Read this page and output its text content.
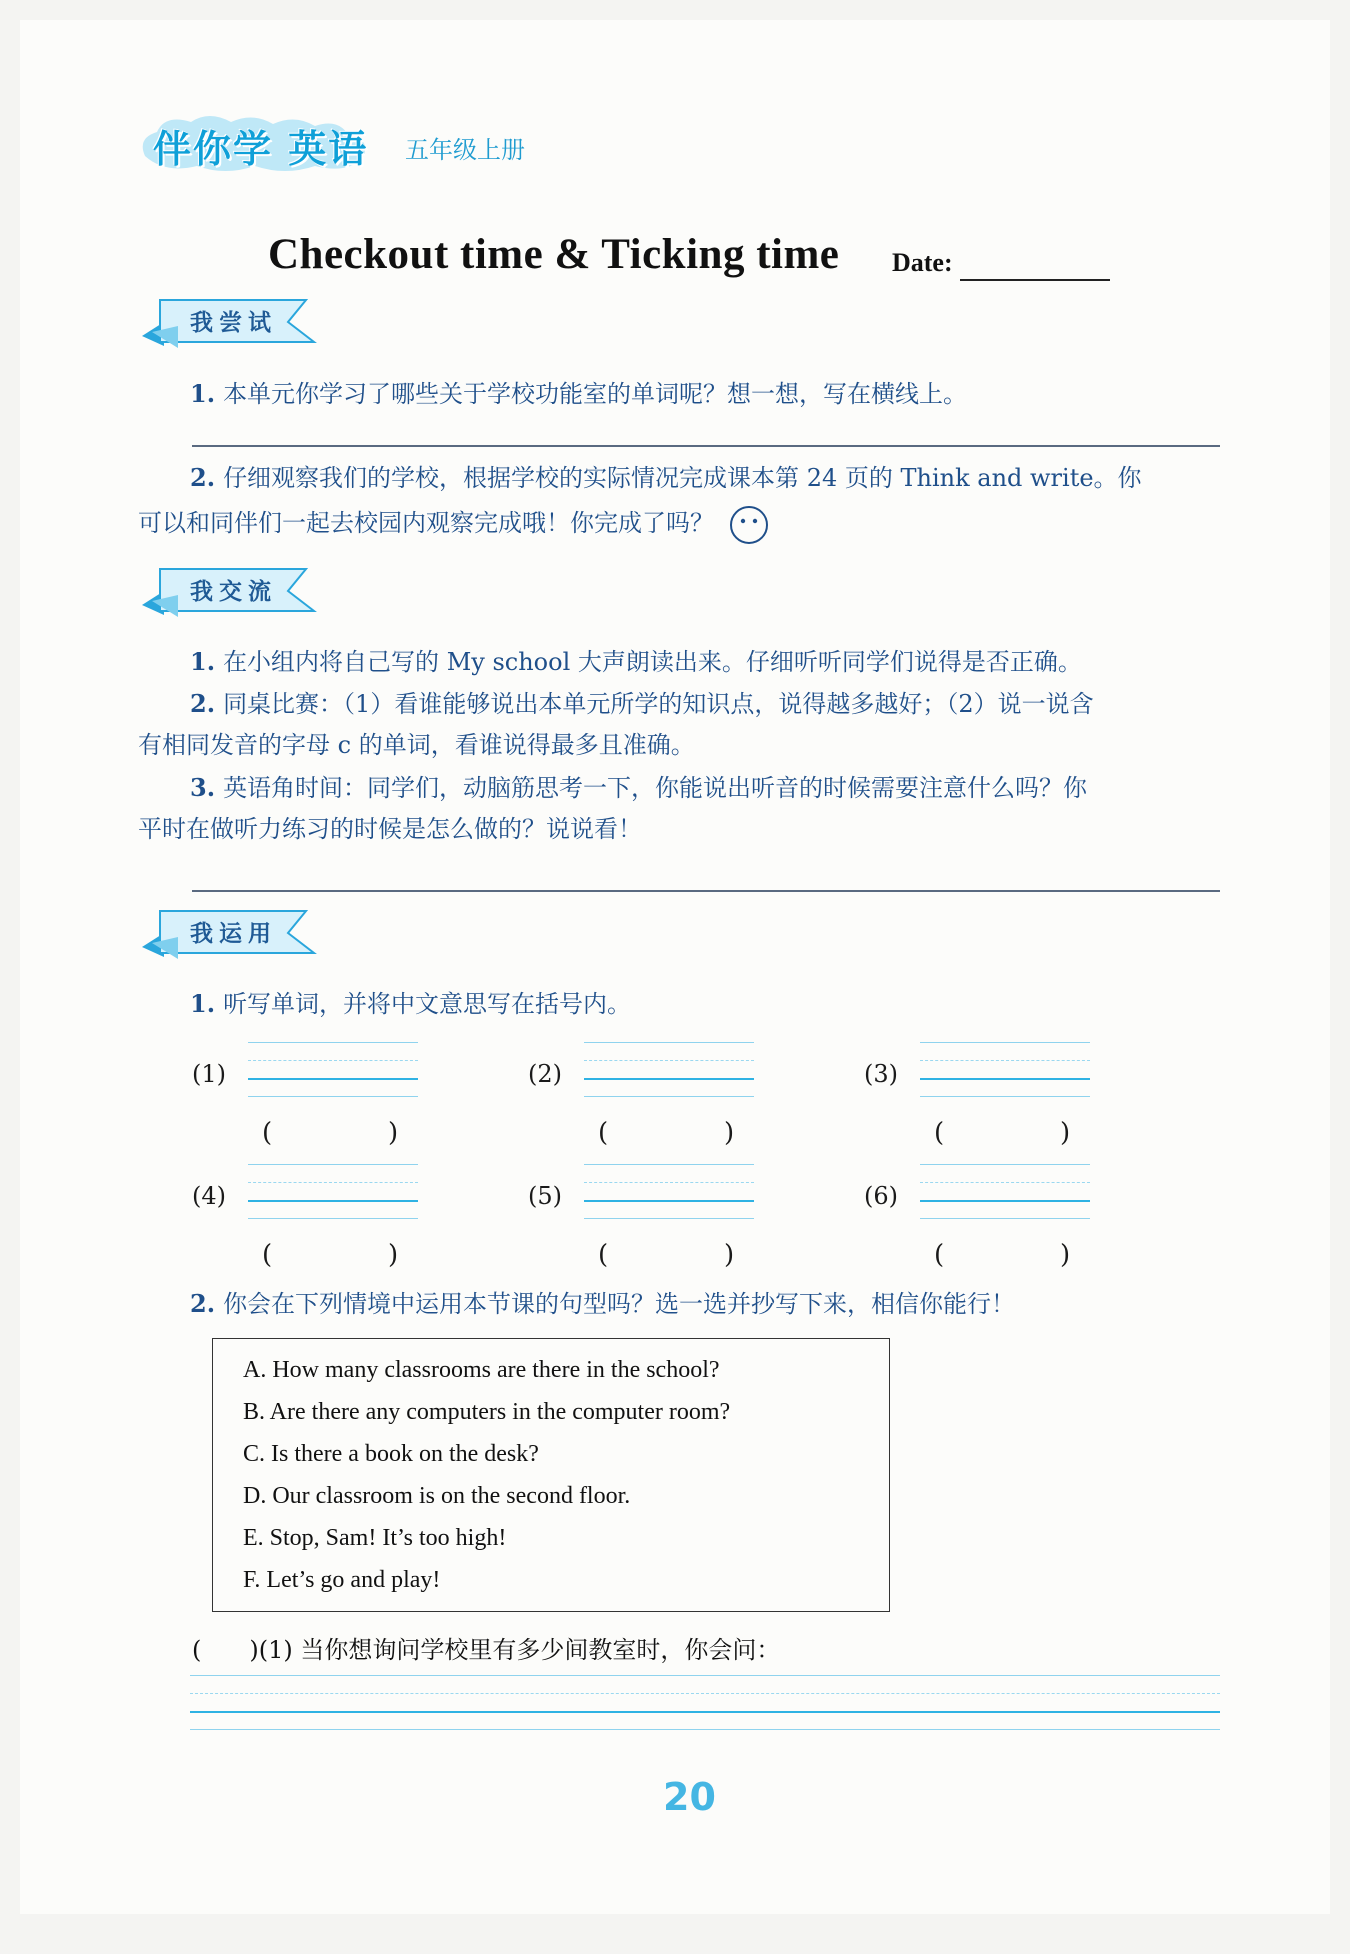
伴你学 英语 五年级上册
Checkout time & Ticking time Date:
我尝试
1. 本单元你学习了哪些关于学校功能室的单词呢？想一想，写在横线上。
2. 仔细观察我们的学校，根据学校的实际情况完成课本第 24 页的 Think and write。你
可以和同伴们一起去校园内观察完成哦！你完成了吗？
我交流
1. 在小组内将自己写的 My school 大声朗读出来。仔细听听同学们说得是否正确。
2. 同桌比赛：（1）看谁能够说出本单元所学的知识点，说得越多越好；（2）说一说含
有相同发音的字母 c 的单词，看谁说得最多且准确。
3. 英语角时间：同学们，动脑筋思考一下，你能说出听音的时候需要注意什么吗？你
平时在做听力练习的时候是怎么做的？说说看！
我运用
1. 听写单词，并将中文意思写在括号内。
(1)
(	)
(2)
(	)
(3)
(	)
(4)
(	)
(5)
(	)
(6)
(	)
2. 你会在下列情境中运用本节课的句型吗？选一选并抄写下来，相信你能行！
A. How many classrooms are there in the school?
B. Are there any computers in the computer room?
C. Is there a book on the desk?
D. Our classroom is on the second floor.
E. Stop, Sam! It’s too high!
F. Let’s go and play!
(　　)(1) 当你想询问学校里有多少间教室时，你会问：
20
